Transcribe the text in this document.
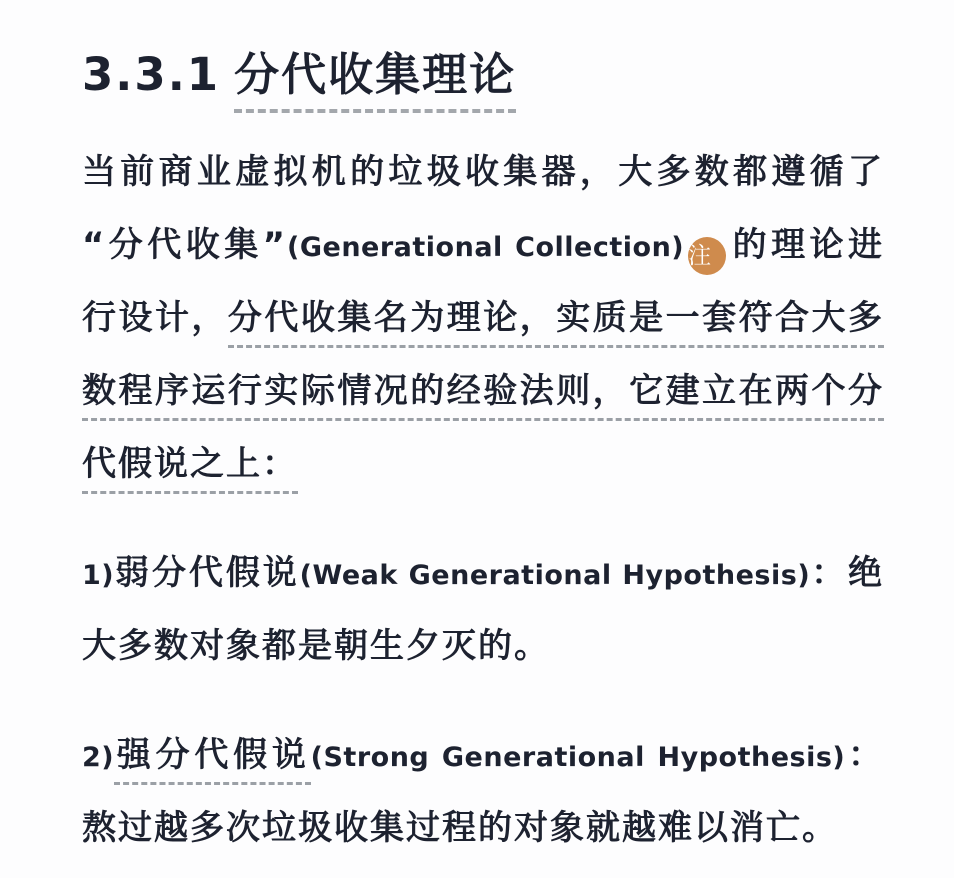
3.3.1 分代收集理论
当前商业虚拟机的垃圾收集器，大多数都遵循了
“分代收集”(Generational Collection) 注 的理论进
行设计，分代收集名为理论，实质是一套符合大多
数程序运行实际情况的经验法则，它建立在两个分
代假说之上：
1)弱分代假说(Weak Generational Hypothesis)：绝
大多数对象都是朝生夕灭的。
2)强分代假说(Strong Generational Hypothesis)：
熬过越多次垃圾收集过程的对象就越难以消亡。
